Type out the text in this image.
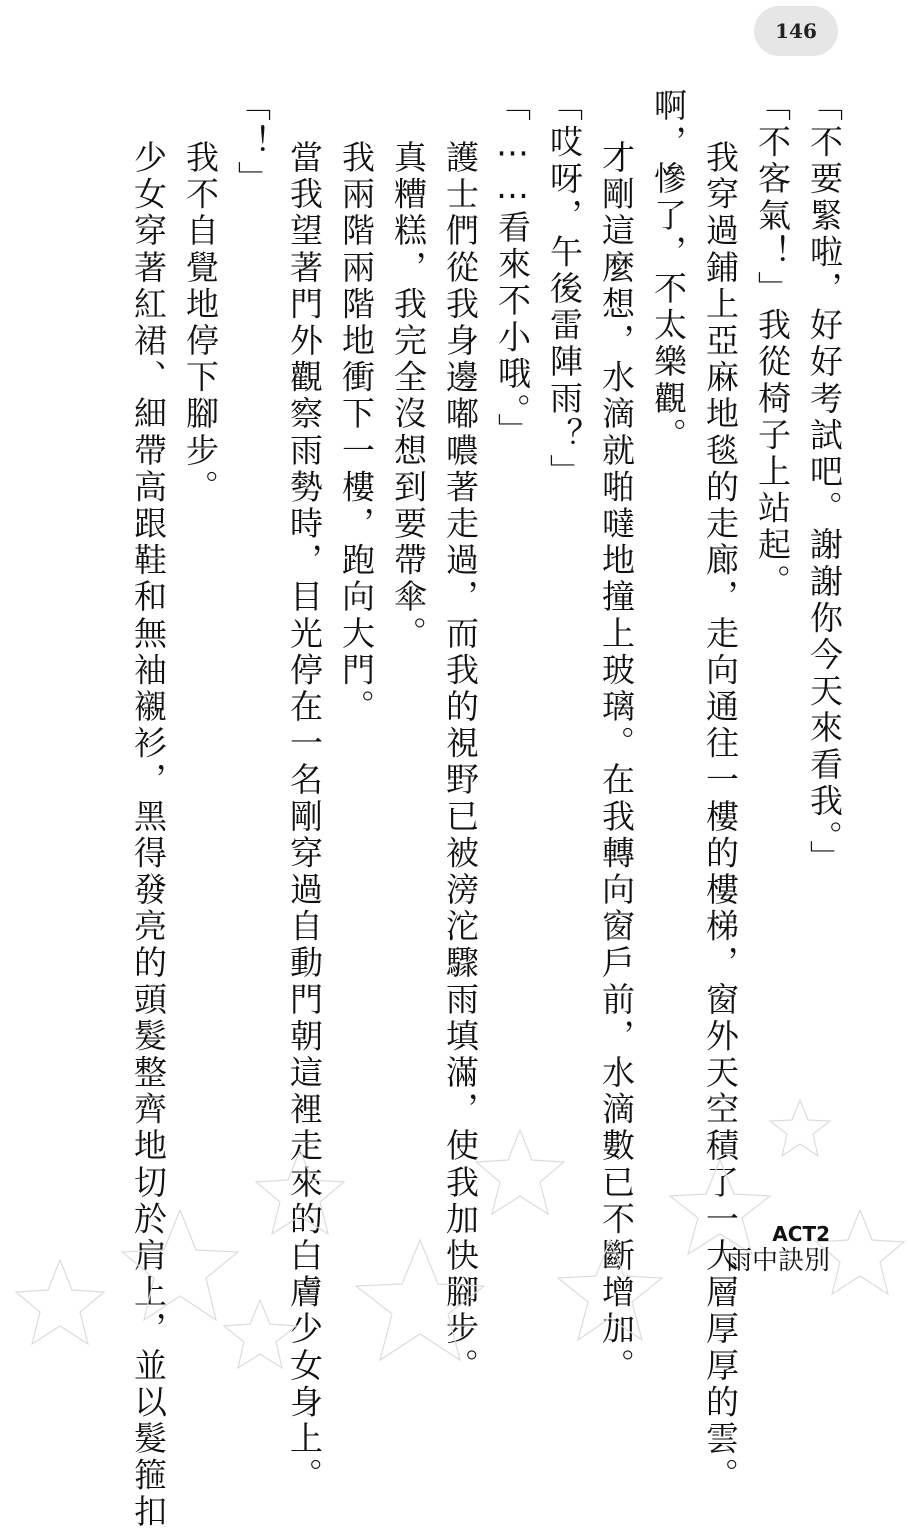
146
「不要緊啦，好好考試吧。謝謝你今天來看我。」
「不客氣！」我從椅子上站起。
我穿過鋪上亞麻地毯的走廊，走向通往一樓的樓梯，窗外天空積了一大層厚厚的雲。
啊，慘了，不太樂觀。
才剛這麼想，水滴就啪噠地撞上玻璃。在我轉向窗戶前，水滴數已不斷增加。
「哎呀，午後雷陣雨？」
「……看來不小哦。」
護士們從我身邊嘟噥著走過，而我的視野已被滂沱驟雨填滿，使我加快腳步。
真糟糕，我完全沒想到要帶傘。
我兩階兩階地衝下一樓，跑向大門。
當我望著門外觀察雨勢時，目光停在一名剛穿過自動門朝這裡走來的白膚少女身上。
「！」
我不自覺地停下腳步。
少女穿著紅裙、細帶高跟鞋和無袖襯衫，黑得發亮的頭髮整齊地切於肩上，並以髮箍扣	ACT2
雨中訣別
